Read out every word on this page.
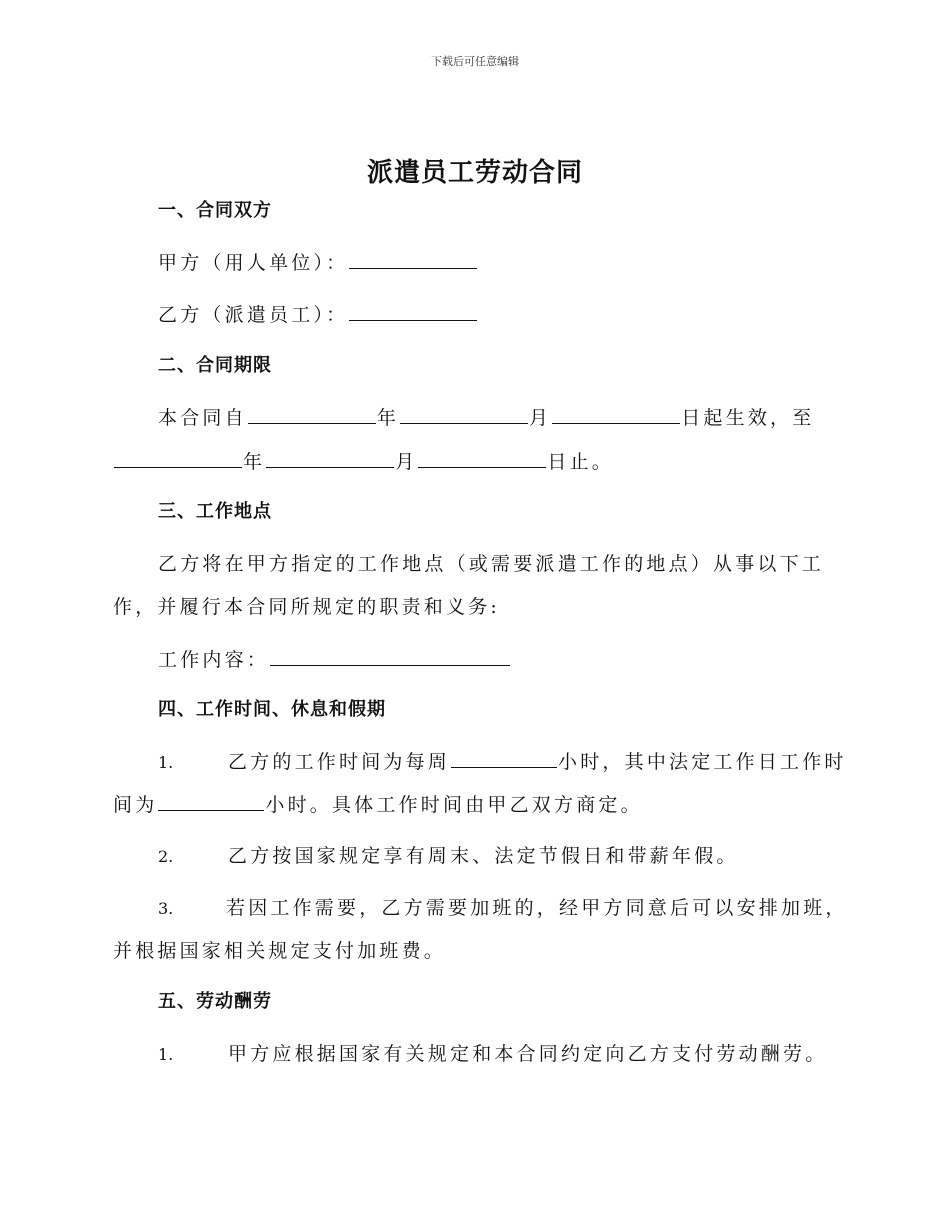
下载后可任意编辑
派遣员工劳动合同
一、合同双方
甲方（用人单位）：
乙方（派遣员工）：
二、合同期限
本合同自	年	月	日起生效，至
年	月	日止。
三、工作地点
乙方将在甲方指定的工作地点（或需要派遣工作的地点）从事以下工
作，并履行本合同所规定的职责和义务:
工作内容：
四、工作时间、休息和假期
1.	乙方的工作时间为每周	小时，其中法定工作日工作时
间为	小时。具体工作时间由甲乙双方商定。
2.	乙方按国家规定享有周末、法定节假日和带薪年假。
3.	若因工作需要，乙方需要加班的，经甲方同意后可以安排加班，
并根据国家相关规定支付加班费。
五、劳动酬劳
1.	甲方应根据国家有关规定和本合同约定向乙方支付劳动酬劳。
